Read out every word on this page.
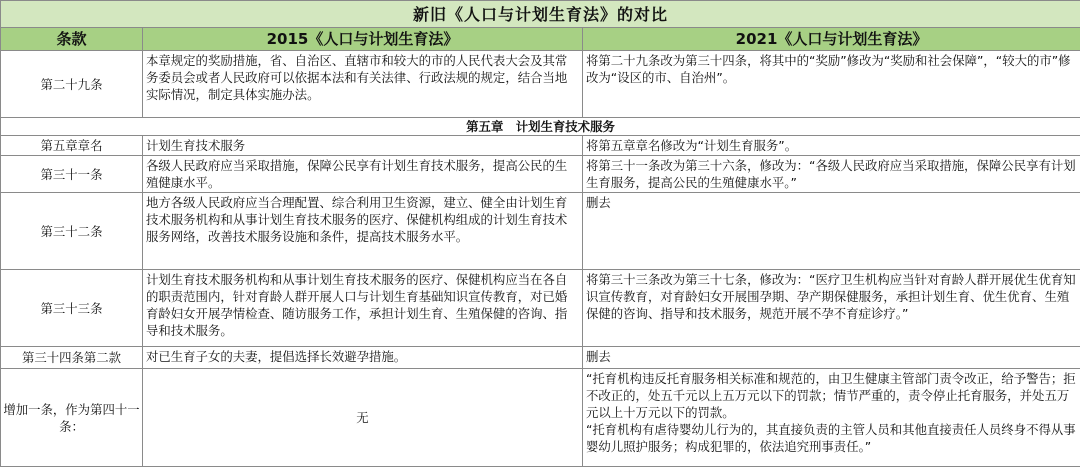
新旧《人口与计划生育法》的对比		
条款	2015《人口与计划生育法》	2021《人口与计划生育法》
第二十九条	本章规定的奖励措施，省、自治区、直辖市和较大的市的人民代表大会及其常务委员会或者人民政府可以依据本法和有关法律、行政法规的规定，结合当地实际情况，制定具体实施办法。	将第二十九条改为第三十四条，将其中的“奖励”修改为“奖励和社会保障”，“较大的市”修改为“设区的市、自治州”。
第五章　计划生育技术服务		
第五章章名	计划生育技术服务	将第五章章名修改为“计划生育服务”。
第三十一条	各级人民政府应当采取措施，保障公民享有计划生育技术服务，提高公民的生殖健康水平。	将第三十一条改为第三十六条，修改为：“各级人民政府应当采取措施，保障公民享有计划生育服务，提高公民的生殖健康水平。”
第三十二条	地方各级人民政府应当合理配置、综合利用卫生资源，建立、健全由计划生育技术服务机构和从事计划生育技术服务的医疗、保健机构组成的计划生育技术服务网络，改善技术服务设施和条件，提高技术服务水平。	删去
第三十三条	计划生育技术服务机构和从事计划生育技术服务的医疗、保健机构应当在各自的职责范围内，针对育龄人群开展人口与计划生育基础知识宣传教育，对已婚育龄妇女开展孕情检查、随访服务工作，承担计划生育、生殖保健的咨询、指导和技术服务。	将第三十三条改为第三十七条，修改为：“医疗卫生机构应当针对育龄人群开展优生优育知识宣传教育，对育龄妇女开展围孕期、孕产期保健服务，承担计划生育、优生优育、生殖保健的咨询、指导和技术服务，规范开展不孕不育症诊疗。”
第三十四条第二款	对已生育子女的夫妻，提倡选择长效避孕措施。	删去
增加一条，作为第四十一条：	无	“托育机构违反托育服务相关标准和规范的，由卫生健康主管部门责令改正，给予警告；拒不改正的，处五千元以上五万元以下的罚款；情节严重的，责令停止托育服务，并处五万元以上十万元以下的罚款。

“托育机构有虐待婴幼儿行为的，其直接负责的主管人员和其他直接责任人员终身不得从事婴幼儿照护服务；构成犯罪的，依法追究刑事责任。”
